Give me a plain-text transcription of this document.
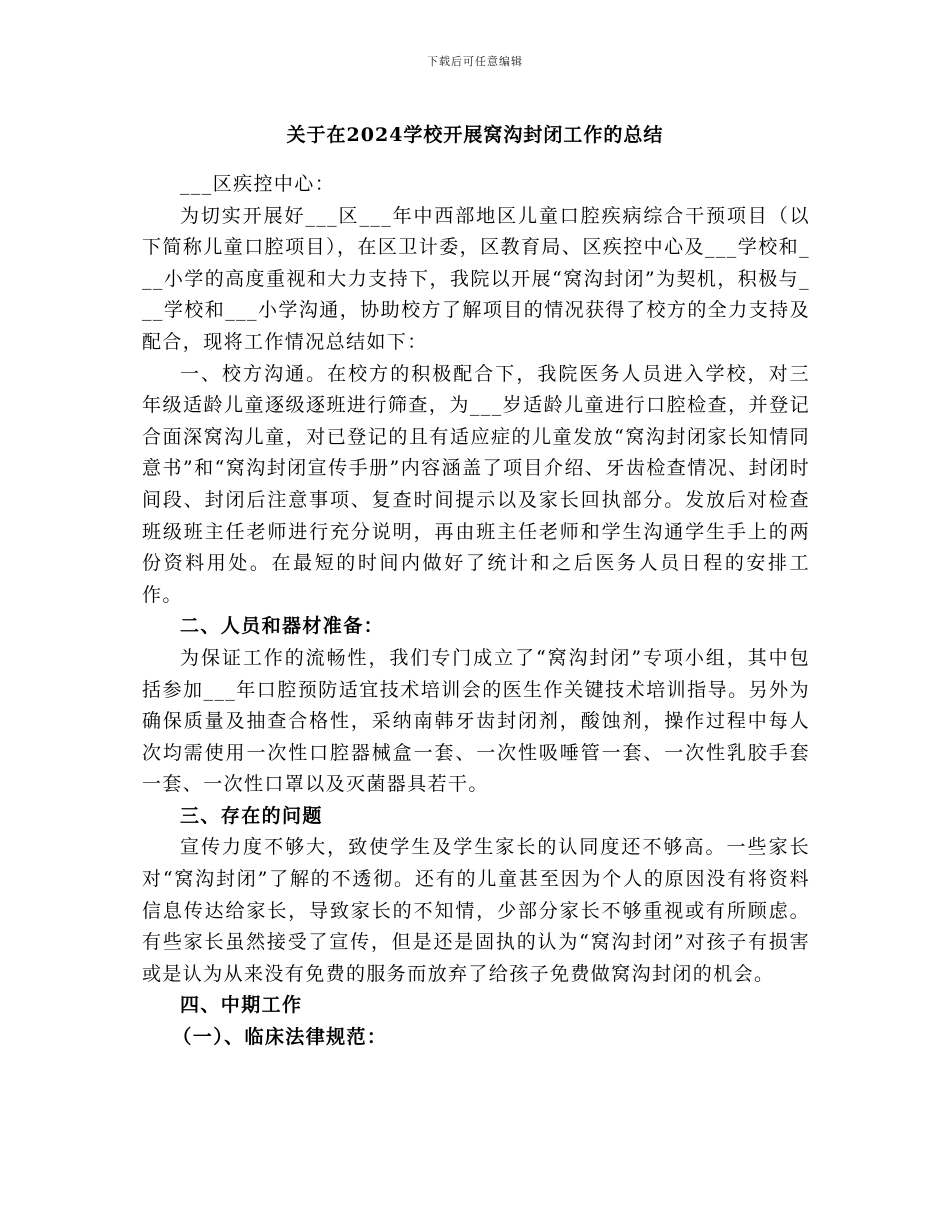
下载后可任意编辑
关于在2024学校开展窝沟封闭工作的总结

___区疾控中心：

为切实开展好___区___年中西部地区儿童口腔疾病综合干预项目（以下简称儿童口腔项目），在区卫计委，区教育局、区疾控中心及___学校和___小学的高度重视和大力支持下，我院以开展“窝沟封闭”为契机，积极与___学校和___小学沟通，协助校方了解项目的情况获得了校方的全力支持及配合，现将工作情况总结如下：

一、校方沟通。在校方的积极配合下，我院医务人员进入学校，对三年级适龄儿童逐级逐班进行筛查，为___岁适龄儿童进行口腔检查，并登记合面深窝沟儿童，对已登记的且有适应症的儿童发放“窝沟封闭家长知情同意书”和“窝沟封闭宣传手册”内容涵盖了项目介绍、牙齿检查情况、封闭时间段、封闭后注意事项、复查时间提示以及家长回执部分。发放后对检查班级班主任老师进行充分说明，再由班主任老师和学生沟通学生手上的两份资料用处。在最短的时间内做好了统计和之后医务人员日程的安排工作。

二、人员和器材准备：

为保证工作的流畅性，我们专门成立了“窝沟封闭”专项小组，其中包括参加___年口腔预防适宜技术培训会的医生作关键技术培训指导。另外为确保质量及抽查合格性，采纳南韩牙齿封闭剂，酸蚀剂，操作过程中每人次均需使用一次性口腔器械盒一套、一次性吸唾管一套、一次性乳胶手套一套、一次性口罩以及灭菌器具若干。

三、存在的问题

宣传力度不够大，致使学生及学生家长的认同度还不够高。一些家长对“窝沟封闭”了解的不透彻。还有的儿童甚至因为个人的原因没有将资料信息传达给家长，导致家长的不知情，少部分家长不够重视或有所顾虑。有些家长虽然接受了宣传，但是还是固执的认为“窝沟封闭”对孩子有损害或是认为从来没有免费的服务而放弃了给孩子免费做窝沟封闭的机会。

四、中期工作

（一）、临床法律规范：
